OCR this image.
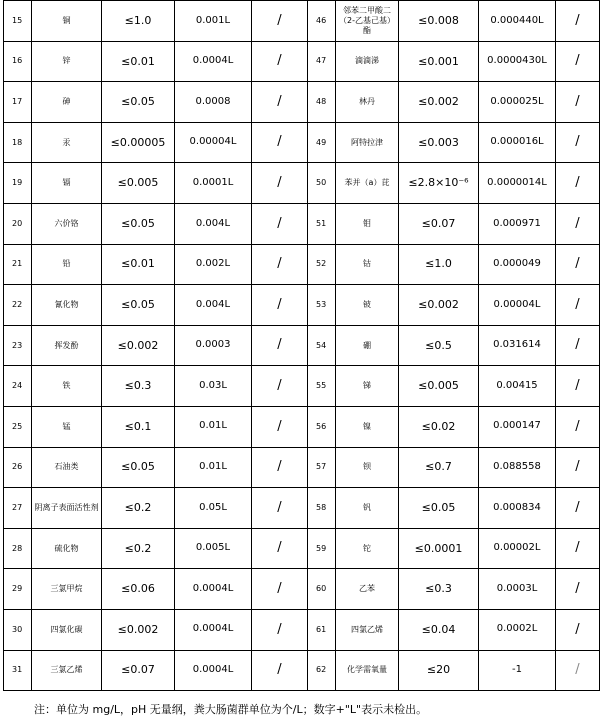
15	铜	≤1.0	0.001L	/	46	邻苯二甲酸二（2-乙基己基）酯	≤0.008	0.000440L	/
16	锌	≤0.01	0.0004L	/	47	滴滴涕	≤0.001	0.0000430L	/
17	砷	≤0.05	0.0008	/	48	林丹	≤0.002	0.000025L	/
18	汞	≤0.00005	0.00004L	/	49	阿特拉津	≤0.003	0.000016L	/
19	镉	≤0.005	0.0001L	/	50	苯并（a）芘	≤2.8×10⁻⁶	0.0000014L	/
20	六价铬	≤0.05	0.004L	/	51	钼	≤0.07	0.000971	/
21	铅	≤0.01	0.002L	/	52	钴	≤1.0	0.000049	/
22	氰化物	≤0.05	0.004L	/	53	铍	≤0.002	0.00004L	/
23	挥发酚	≤0.002	0.0003	/	54	硼	≤0.5	0.031614	/
24	铁	≤0.3	0.03L	/	55	锑	≤0.005	0.00415	/
25	锰	≤0.1	0.01L	/	56	镍	≤0.02	0.000147	/
26	石油类	≤0.05	0.01L	/	57	钡	≤0.7	0.088558	/
27	阴离子表面活性剂	≤0.2	0.05L	/	58	钒	≤0.05	0.000834	/
28	硫化物	≤0.2	0.005L	/	59	铊	≤0.0001	0.00002L	/
29	三氯甲烷	≤0.06	0.0004L	/	60	乙苯	≤0.3	0.0003L	/
30	四氯化碳	≤0.002	0.0004L	/	61	四氯乙烯	≤0.04	0.0002L	/
31	三氯乙烯	≤0.07	0.0004L	/	62	化学需氧量	≤20	-1	/
注：单位为 mg/L，pH 无量纲，粪大肠菌群单位为个/L；数字+"L"表示未检出。
